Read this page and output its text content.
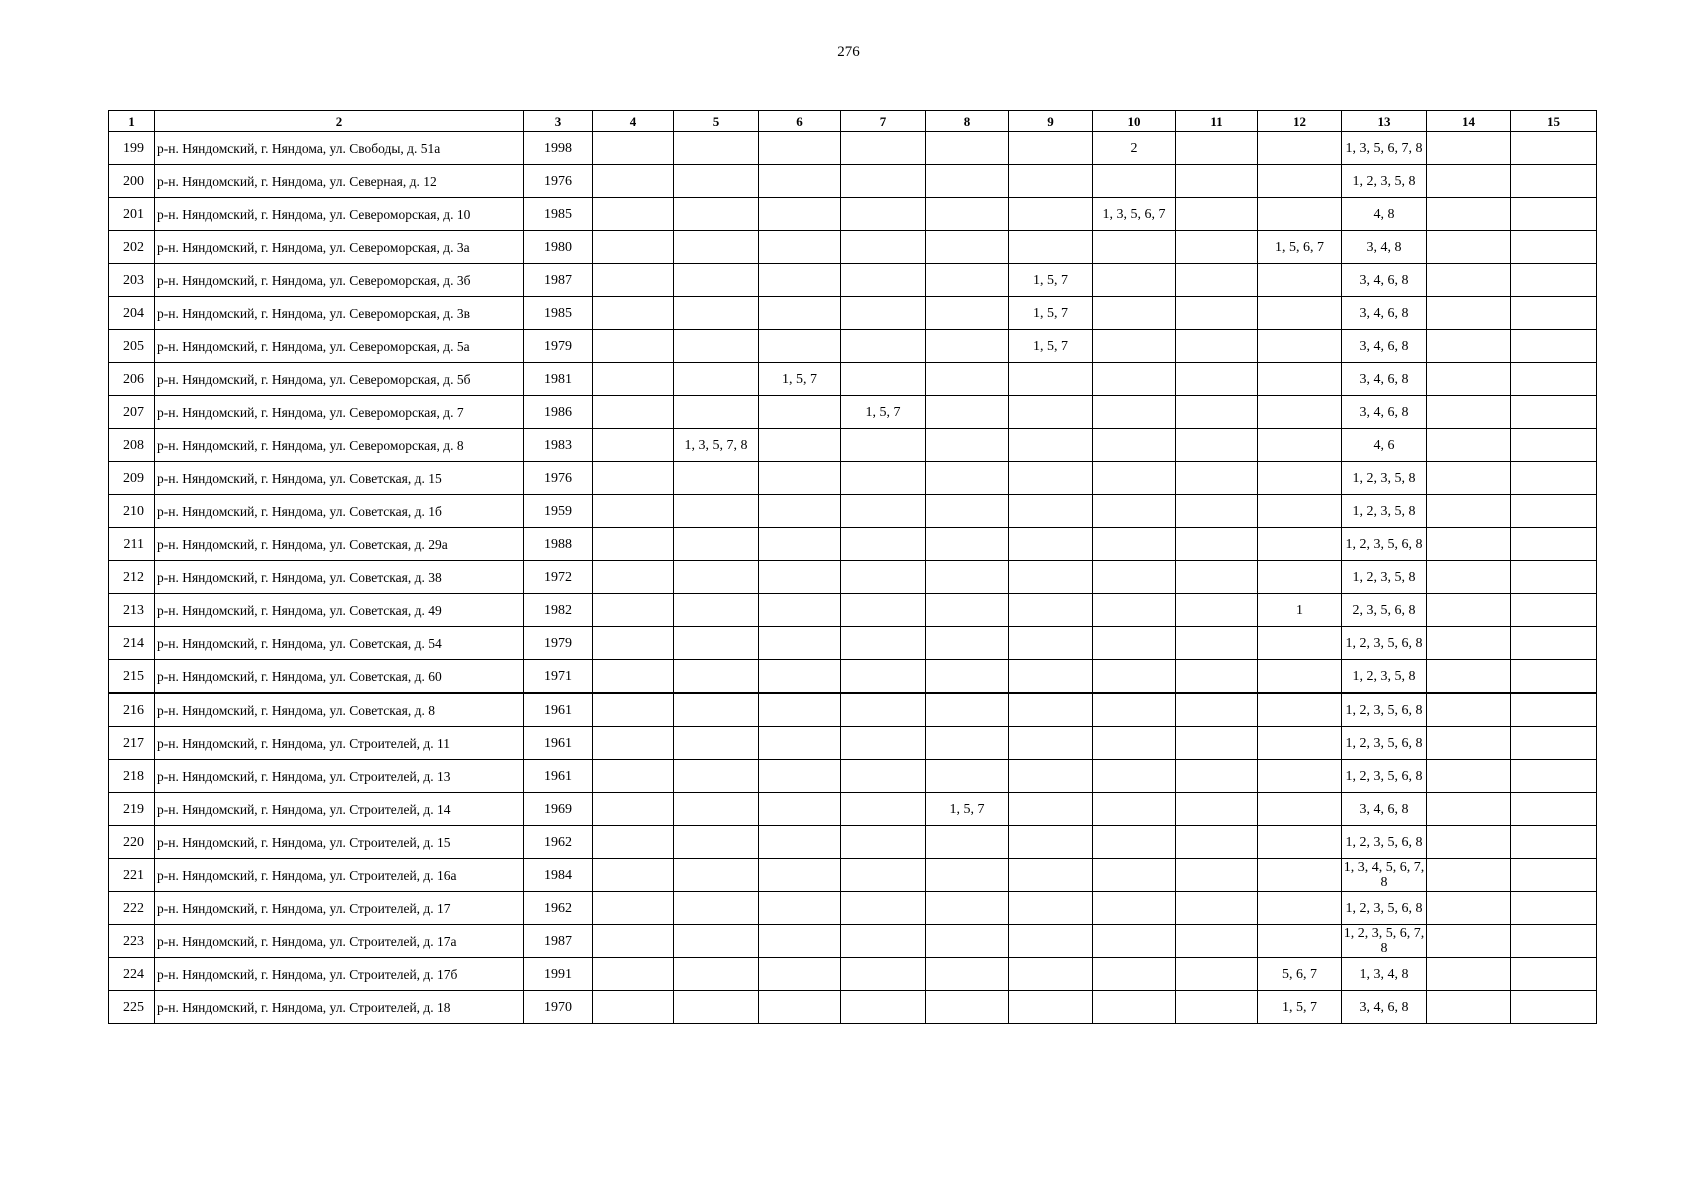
276
1	2	3	4	5	6	7	8	9	10	11	12	13	14	15
199	р-н. Няндомский, г. Няндома, ул. Свободы, д. 51а	1998							2			1, 3, 5, 6, 7, 8		
200	р-н. Няндомский, г. Няндома, ул. Северная, д. 12	1976										1, 2, 3, 5, 8		
201	р-н. Няндомский, г. Няндома, ул. Североморская, д. 10	1985							1, 3, 5, 6, 7			4, 8		
202	р-н. Няндомский, г. Няндома, ул. Североморская, д. 3а	1980									1, 5, 6, 7	3, 4, 8		
203	р-н. Няндомский, г. Няндома, ул. Североморская, д. 3б	1987						1, 5, 7				3, 4, 6, 8		
204	р-н. Няндомский, г. Няндома, ул. Североморская, д. 3в	1985						1, 5, 7				3, 4, 6, 8		
205	р-н. Няндомский, г. Няндома, ул. Североморская, д. 5а	1979						1, 5, 7				3, 4, 6, 8		
206	р-н. Няндомский, г. Няндома, ул. Североморская, д. 5б	1981			1, 5, 7							3, 4, 6, 8		
207	р-н. Няндомский, г. Няндома, ул. Североморская, д. 7	1986				1, 5, 7						3, 4, 6, 8		
208	р-н. Няндомский, г. Няндома, ул. Североморская, д. 8	1983		1, 3, 5, 7, 8								4, 6		
209	р-н. Няндомский, г. Няндома, ул. Советская, д. 15	1976										1, 2, 3, 5, 8		
210	р-н. Няндомский, г. Няндома, ул. Советская, д. 1б	1959										1, 2, 3, 5, 8		
211	р-н. Няндомский, г. Няндома, ул. Советская, д. 29а	1988										1, 2, 3, 5, 6, 8		
212	р-н. Няндомский, г. Няндома, ул. Советская, д. 38	1972										1, 2, 3, 5, 8		
213	р-н. Няндомский, г. Няндома, ул. Советская, д. 49	1982									1	2, 3, 5, 6, 8		
214	р-н. Няндомский, г. Няндома, ул. Советская, д. 54	1979										1, 2, 3, 5, 6, 8		
215	р-н. Няндомский, г. Няндома, ул. Советская, д. 60	1971										1, 2, 3, 5, 8		
216	р-н. Няндомский, г. Няндома, ул. Советская, д. 8	1961										1, 2, 3, 5, 6, 8		
217	р-н. Няндомский, г. Няндома, ул. Строителей, д. 11	1961										1, 2, 3, 5, 6, 8		
218	р-н. Няндомский, г. Няндома, ул. Строителей, д. 13	1961										1, 2, 3, 5, 6, 8		
219	р-н. Няндомский, г. Няндома, ул. Строителей, д. 14	1969					1, 5, 7					3, 4, 6, 8		
220	р-н. Няндомский, г. Няндома, ул. Строителей, д. 15	1962										1, 2, 3, 5, 6, 8		
221	р-н. Няндомский, г. Няндома, ул. Строителей, д. 16а	1984										1, 3, 4, 5, 6, 7, 8		
222	р-н. Няндомский, г. Няндома, ул. Строителей, д. 17	1962										1, 2, 3, 5, 6, 8		
223	р-н. Няндомский, г. Няндома, ул. Строителей, д. 17а	1987										1, 2, 3, 5, 6, 7, 8		
224	р-н. Няндомский, г. Няндома, ул. Строителей, д. 17б	1991									5, 6, 7	1, 3, 4, 8		
225	р-н. Няндомский, г. Няндома, ул. Строителей, д. 18	1970									1, 5, 7	3, 4, 6, 8		
